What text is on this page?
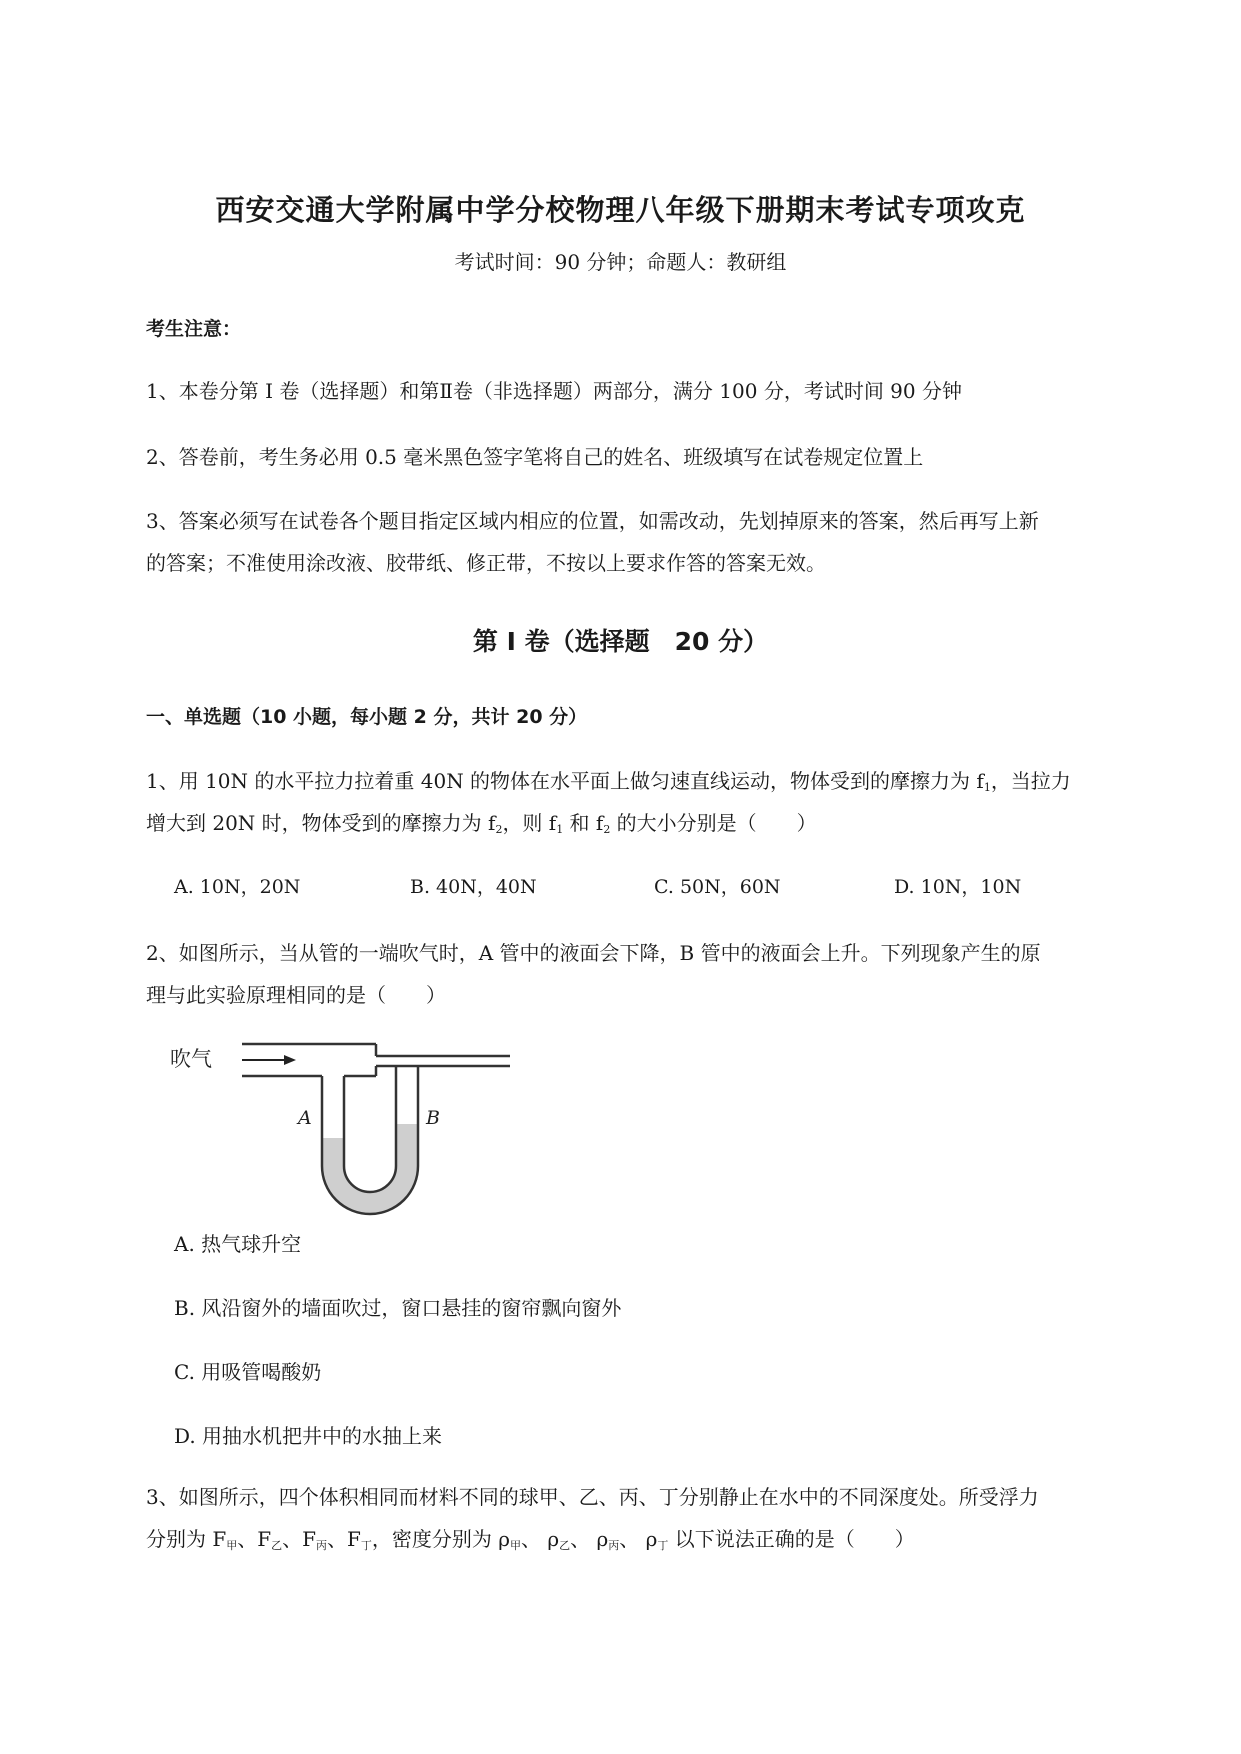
西安交通大学附属中学分校物理八年级下册期末考试专项攻克
考试时间：90 分钟；命题人：教研组
考生注意：
1、本卷分第 I 卷（选择题）和第Ⅱ卷（非选择题）两部分，满分 100 分，考试时间 90 分钟
2、答卷前，考生务必用 0.5 毫米黑色签字笔将自己的姓名、班级填写在试卷规定位置上
3、答案必须写在试卷各个题目指定区域内相应的位置，如需改动，先划掉原来的答案，然后再写上新
的答案；不准使用涂改液、胶带纸、修正带，不按以上要求作答的答案无效。
第 I 卷（选择题　20 分）
一、单选题（10 小题，每小题 2 分，共计 20 分）
1、用 10N 的水平拉力拉着重 40N 的物体在水平面上做匀速直线运动，物体受到的摩擦力为 $f_1$，当拉力
增大到 20N 时，物体受到的摩擦力为 $f_2$，则 $f_1$ 和 $f_2$ 的大小分别是（　　）
A. 10N，20N	B. 40N，40N	C. 50N，60N	D. 10N，10N
2、如图所示，当从管的一端吹气时，A 管中的液面会下降，B 管中的液面会上升。下列现象产生的原
理与此实验原理相同的是（　　）
吹气
A	B
A. 热气球升空
B. 风沿窗外的墙面吹过，窗口悬挂的窗帘飘向窗外
C. 用吸管喝酸奶
D. 用抽水机把井中的水抽上来
3、如图所示，四个体积相同而材料不同的球甲、乙、丙、丁分别静止在水中的不同深度处。所受浮力
分别为 $F_甲$、$F_乙$、$F_丙$、$F_丁$，密度分别为 $\rho_甲$、 $\rho_乙$、 $\rho_丙$、 $\rho_丁$ 以下说法正确的是（　　）
